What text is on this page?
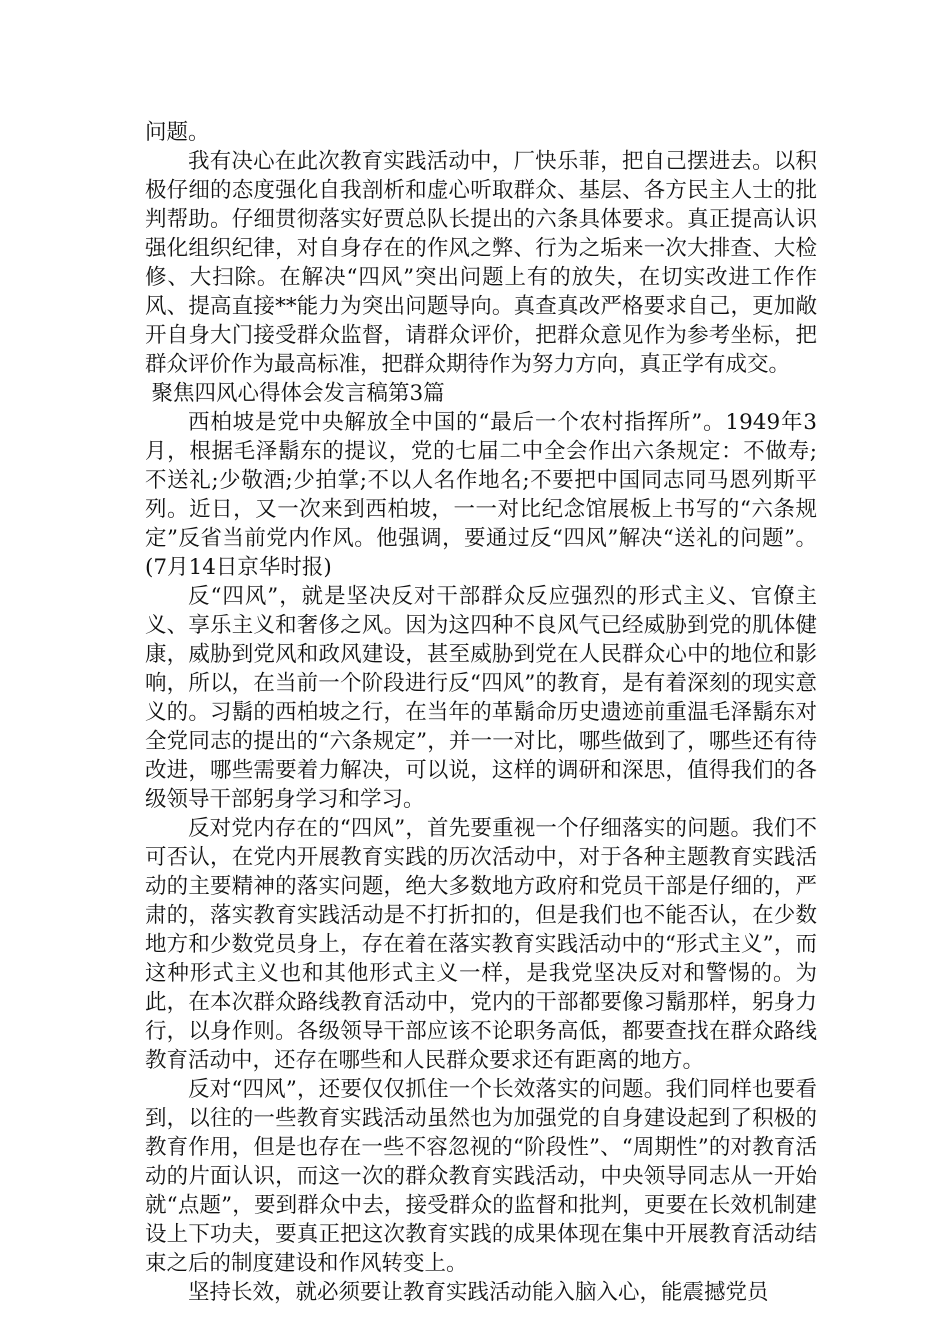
问题。

我有决心在此次教育实践活动中，厂快乐菲，把自己摆进去。以积极仔细的态度强化自我剖析和虚心听取群众、基层、各方民主人士的批判帮助。仔细贯彻落实好贾总队长提出的六条具体要求。真正提高认识强化组织纪律，对自身存在的作风之弊、行为之垢来一次大排查、大检修、大扫除。在解决“四风”突出问题上有的放失，在切实改进工作作风、提高直接**能力为突出问题导向。真查真改严格要求自己，更加敞开自身大门接受群众监督，请群众评价，把群众意见作为参考坐标，把群众评价作为最高标准，把群众期待作为努力方向，真正学有成交。

聚焦四风心得体会发言稿第3篇

西柏坡是党中央解放全中国的“最后一个农村指挥所”。1949年3月，根据毛泽鬍东的提议，党的七届二中全会作出六条规定：不做寿;不送礼;少敬酒;少拍掌;不以人名作地名;不要把中国同志同马恩列斯平列。近日，又一次来到西柏坡，一一对比纪念馆展板上书写的“六条规定”反省当前党内作风。他强调，要通过反“四风”解决“送礼的问题”。(7月14日京华时报)

反“四风”，就是坚决反对干部群众反应强烈的形式主义、官僚主义、享乐主义和奢侈之风。因为这四种不良风气已经威胁到党的肌体健康，威胁到党风和政风建设，甚至威胁到党在人民群众心中的地位和影响，所以，在当前一个阶段进行反“四风”的教育，是有着深刻的现实意义的。习鬍的西柏坡之行，在当年的革鬍命历史遗迹前重温毛泽鬍东对全党同志的提出的“六条规定”，并一一对比，哪些做到了，哪些还有待改进，哪些需要着力解决，可以说，这样的调研和深思，值得我们的各级领导干部躬身学习和学习。

反对党内存在的“四风”，首先要重视一个仔细落实的问题。我们不可否认，在党内开展教育实践的历次活动中，对于各种主题教育实践活动的主要精神的落实问题，绝大多数地方政府和党员干部是仔细的，严肃的，落实教育实践活动是不打折扣的，但是我们也不能否认，在少数地方和少数党员身上，存在着在落实教育实践活动中的“形式主义”，而这种形式主义也和其他形式主义一样，是我党坚决反对和警惕的。为此，在本次群众路线教育活动中，党内的干部都要像习鬍那样，躬身力行，以身作则。各级领导干部应该不论职务高低，都要查找在群众路线教育活动中，还存在哪些和人民群众要求还有距离的地方。

反对“四风”，还要仅仅抓住一个长效落实的问题。我们同样也要看到，以往的一些教育实践活动虽然也为加强党的自身建设起到了积极的教育作用，但是也存在一些不容忽视的“阶段性”、“周期性”的对教育活动的片面认识，而这一次的群众教育实践活动，中央领导同志从一开始就“点题”，要到群众中去，接受群众的监督和批判，更要在长效机制建设上下功夫，要真正把这次教育实践的成果体现在集中开展教育活动结束之后的制度建设和作风转变上。

坚持长效，就必须要让教育实践活动能入脑入心，能震撼党员
